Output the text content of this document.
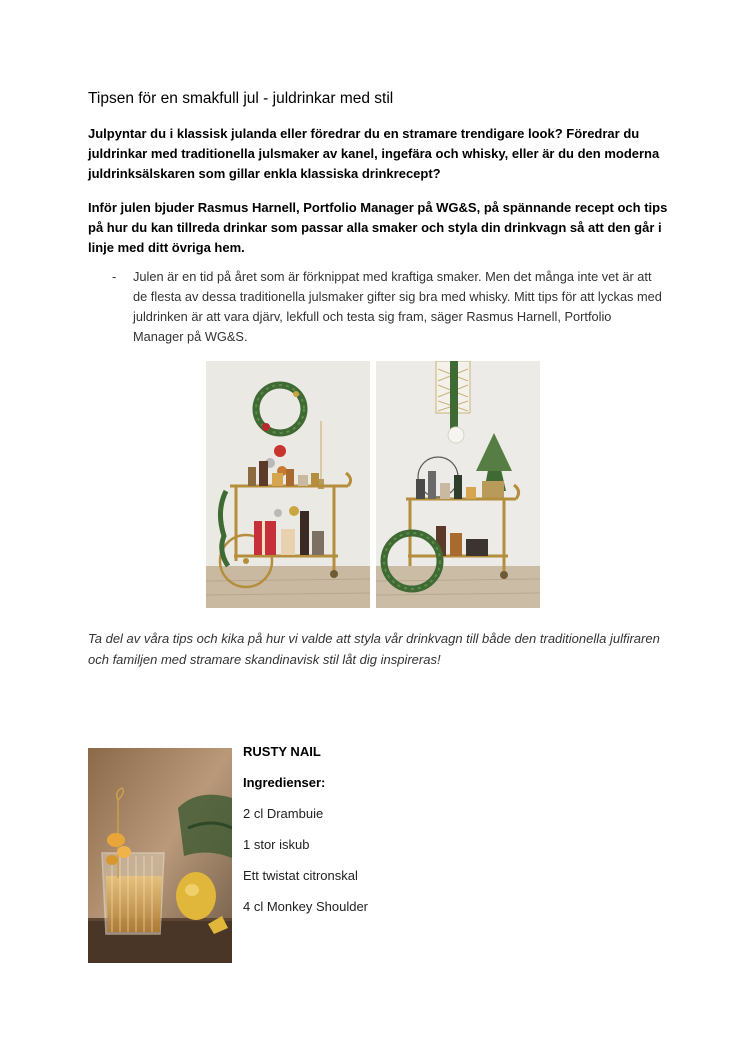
Tipsen för en smakfull jul - juldrinkar med stil

Julpyntar du i klassisk julanda eller föredrar du en stramare trendigare look? Föredrar du juldrinkar med traditionella julsmaker av kanel, ingefära och whisky, eller är du den moderna juldrinksälskaren som gillar enkla klassiska drinkrecept?

Inför julen bjuder Rasmus Harnell, Portfolio Manager på WG&S, på spännande recept och tips på hur du kan tillreda drinkar som passar alla smaker och styla din drinkvagn så att den går i linje med ditt övriga hem.

- Julen är en tid på året som är förknippat med kraftiga smaker. Men det många inte vet är att de flesta av dessa traditionella julsmaker gifter sig bra med whisky. Mitt tips för att lyckas med juldrinken är att vara djärv, lekfull och testa sig fram, säger Rasmus Harnell, Portfolio Manager på WG&S.

Ta del av våra tips och kika på hur vi valde att styla vår drinkvagn till både den traditionella julfiraren och familjen med stramare skandinavisk stil låt dig inspireras!

RUSTY NAIL
Ingredienser:
2 cl Drambuie
1 stor iskub
Ett twistat citronskal
4 cl Monkey Shoulder
